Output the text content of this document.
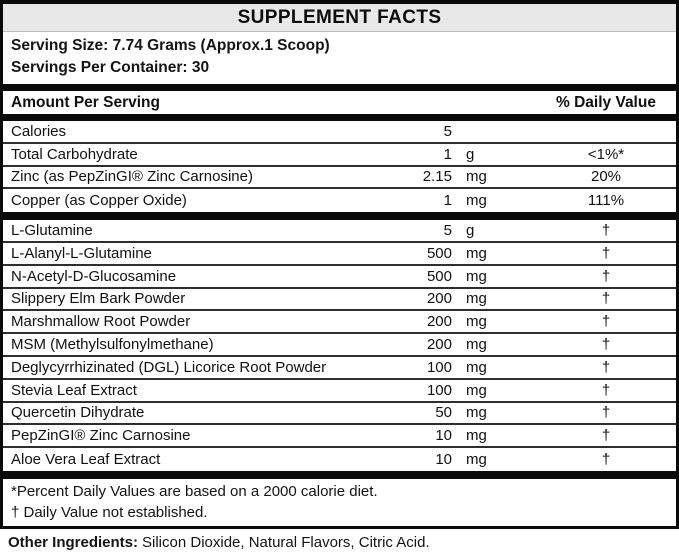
SUPPLEMENT FACTS
Serving Size: 7.74 Grams (Approx.1 Scoop)
Servings Per Container: 30
Amount Per Serving	% Daily Value
Calories	5
Total Carbohydrate	1 g	<1%*
Zinc (as PepZinGI® Zinc Carnosine)	2.15 mg	20%
Copper (as Copper Oxide)	1 mg	111%
L-Glutamine	5 g	†
L-Alanyl-L-Glutamine	500 mg	†
N-Acetyl-D-Glucosamine	500 mg	†
Slippery Elm Bark Powder	200 mg	†
Marshmallow Root Powder	200 mg	†
MSM (Methylsulfonylmethane)	200 mg	†
Deglycyrrhizinated (DGL) Licorice Root Powder	100 mg	†
Stevia Leaf Extract	100 mg	†
Quercetin Dihydrate	50 mg	†
PepZinGI® Zinc Carnosine	10 mg	†
Aloe Vera Leaf Extract	10 mg	†
*Percent Daily Values are based on a 2000 calorie diet.
† Daily Value not established.
Other Ingredients: Silicon Dioxide, Natural Flavors, Citric Acid.
